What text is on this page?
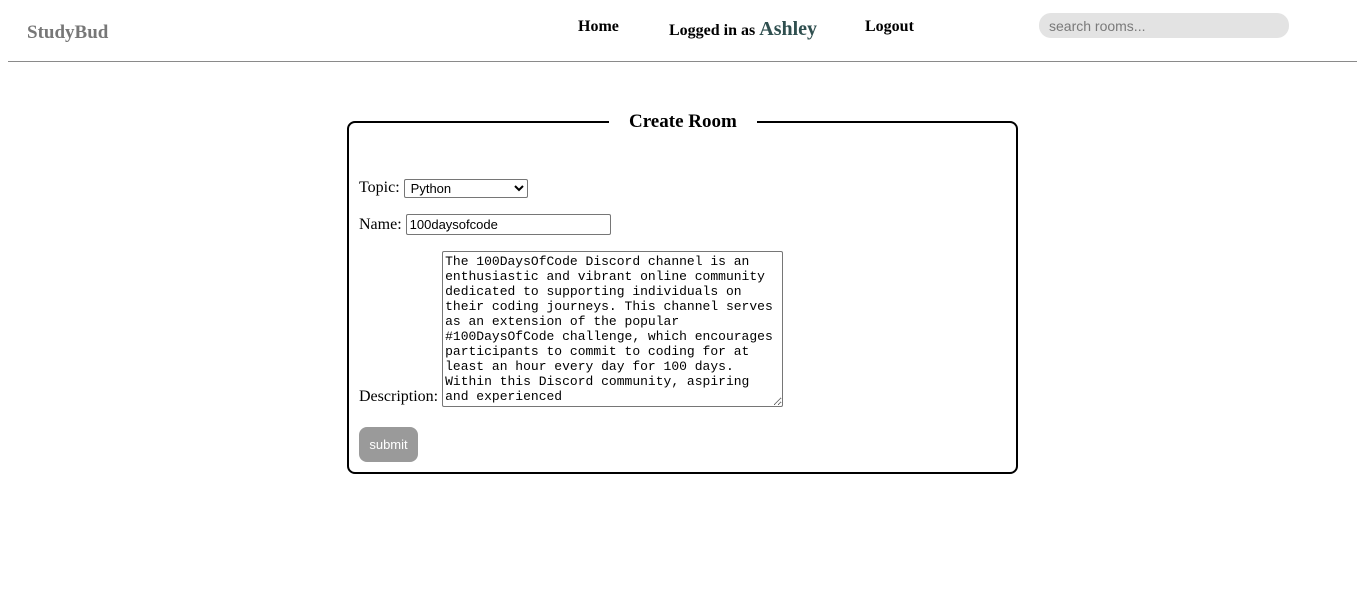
StudyBud	Home	Logged in as Ashley	Logout
search rooms...
Create Room
Topic:
Python
Name:
100daysofcode
Description:
The 100DaysOfCode Discord channel is an enthusiastic and vibrant online community dedicated to supporting individuals on their coding journeys. This channel serves as an extension of the popular #100DaysOfCode challenge, which encourages participants to commit to coding for at least an hour every day for 100 days. Within this Discord community, aspiring and experienced
submit
